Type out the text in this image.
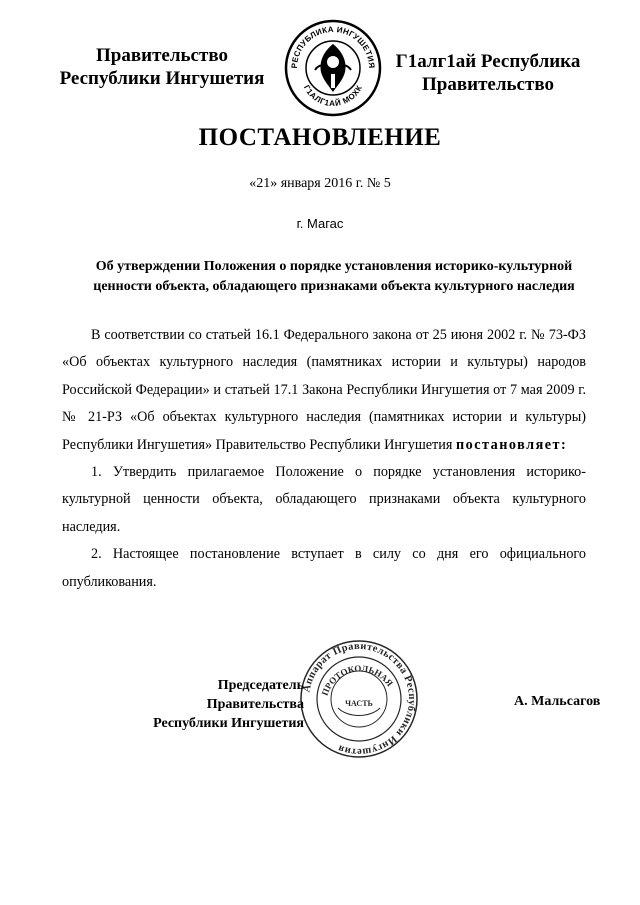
Правительство
Республики Ингушетия
РЕСПУБЛИКА ИНГУШЕТИЯ
Г1АЛГ1АЙ МОХК
Г1алг1ай Республика
Правительство
ПОСТАНОВЛЕНИЕ
«21» января 2016 г. № 5
г. Магас
Об утверждении Положения о порядке установления историко-культурной
ценности объекта, обладающего признаками объекта культурного наследия

В соответствии со статьей 16.1 Федерального закона от 25 июня 2002 г. № 73-ФЗ «Об объектах культурного наследия (памятниках истории и культуры) народов Российской Федерации» и статьей 17.1 Закона Республики Ингушетия от 7 мая 2009 г. № 21-РЗ «Об объектах культурного наследия (памятниках истории и культуры) Республики Ингушетия» Правительство Республики Ингушетия постановляет:

1. Утвердить прилагаемое Положение о порядке установления историко-культурной ценности объекта, обладающего признаками объекта культурного наследия.

2. Настоящее постановление вступает в силу со дня его официального опубликования.

Председатель Правительства
Республики Ингушетия
А. Мальсагов
Аппарат Правительства Республики Ингушетия
ПРОТОКОЛЬНАЯ
ЧАСТЬ
